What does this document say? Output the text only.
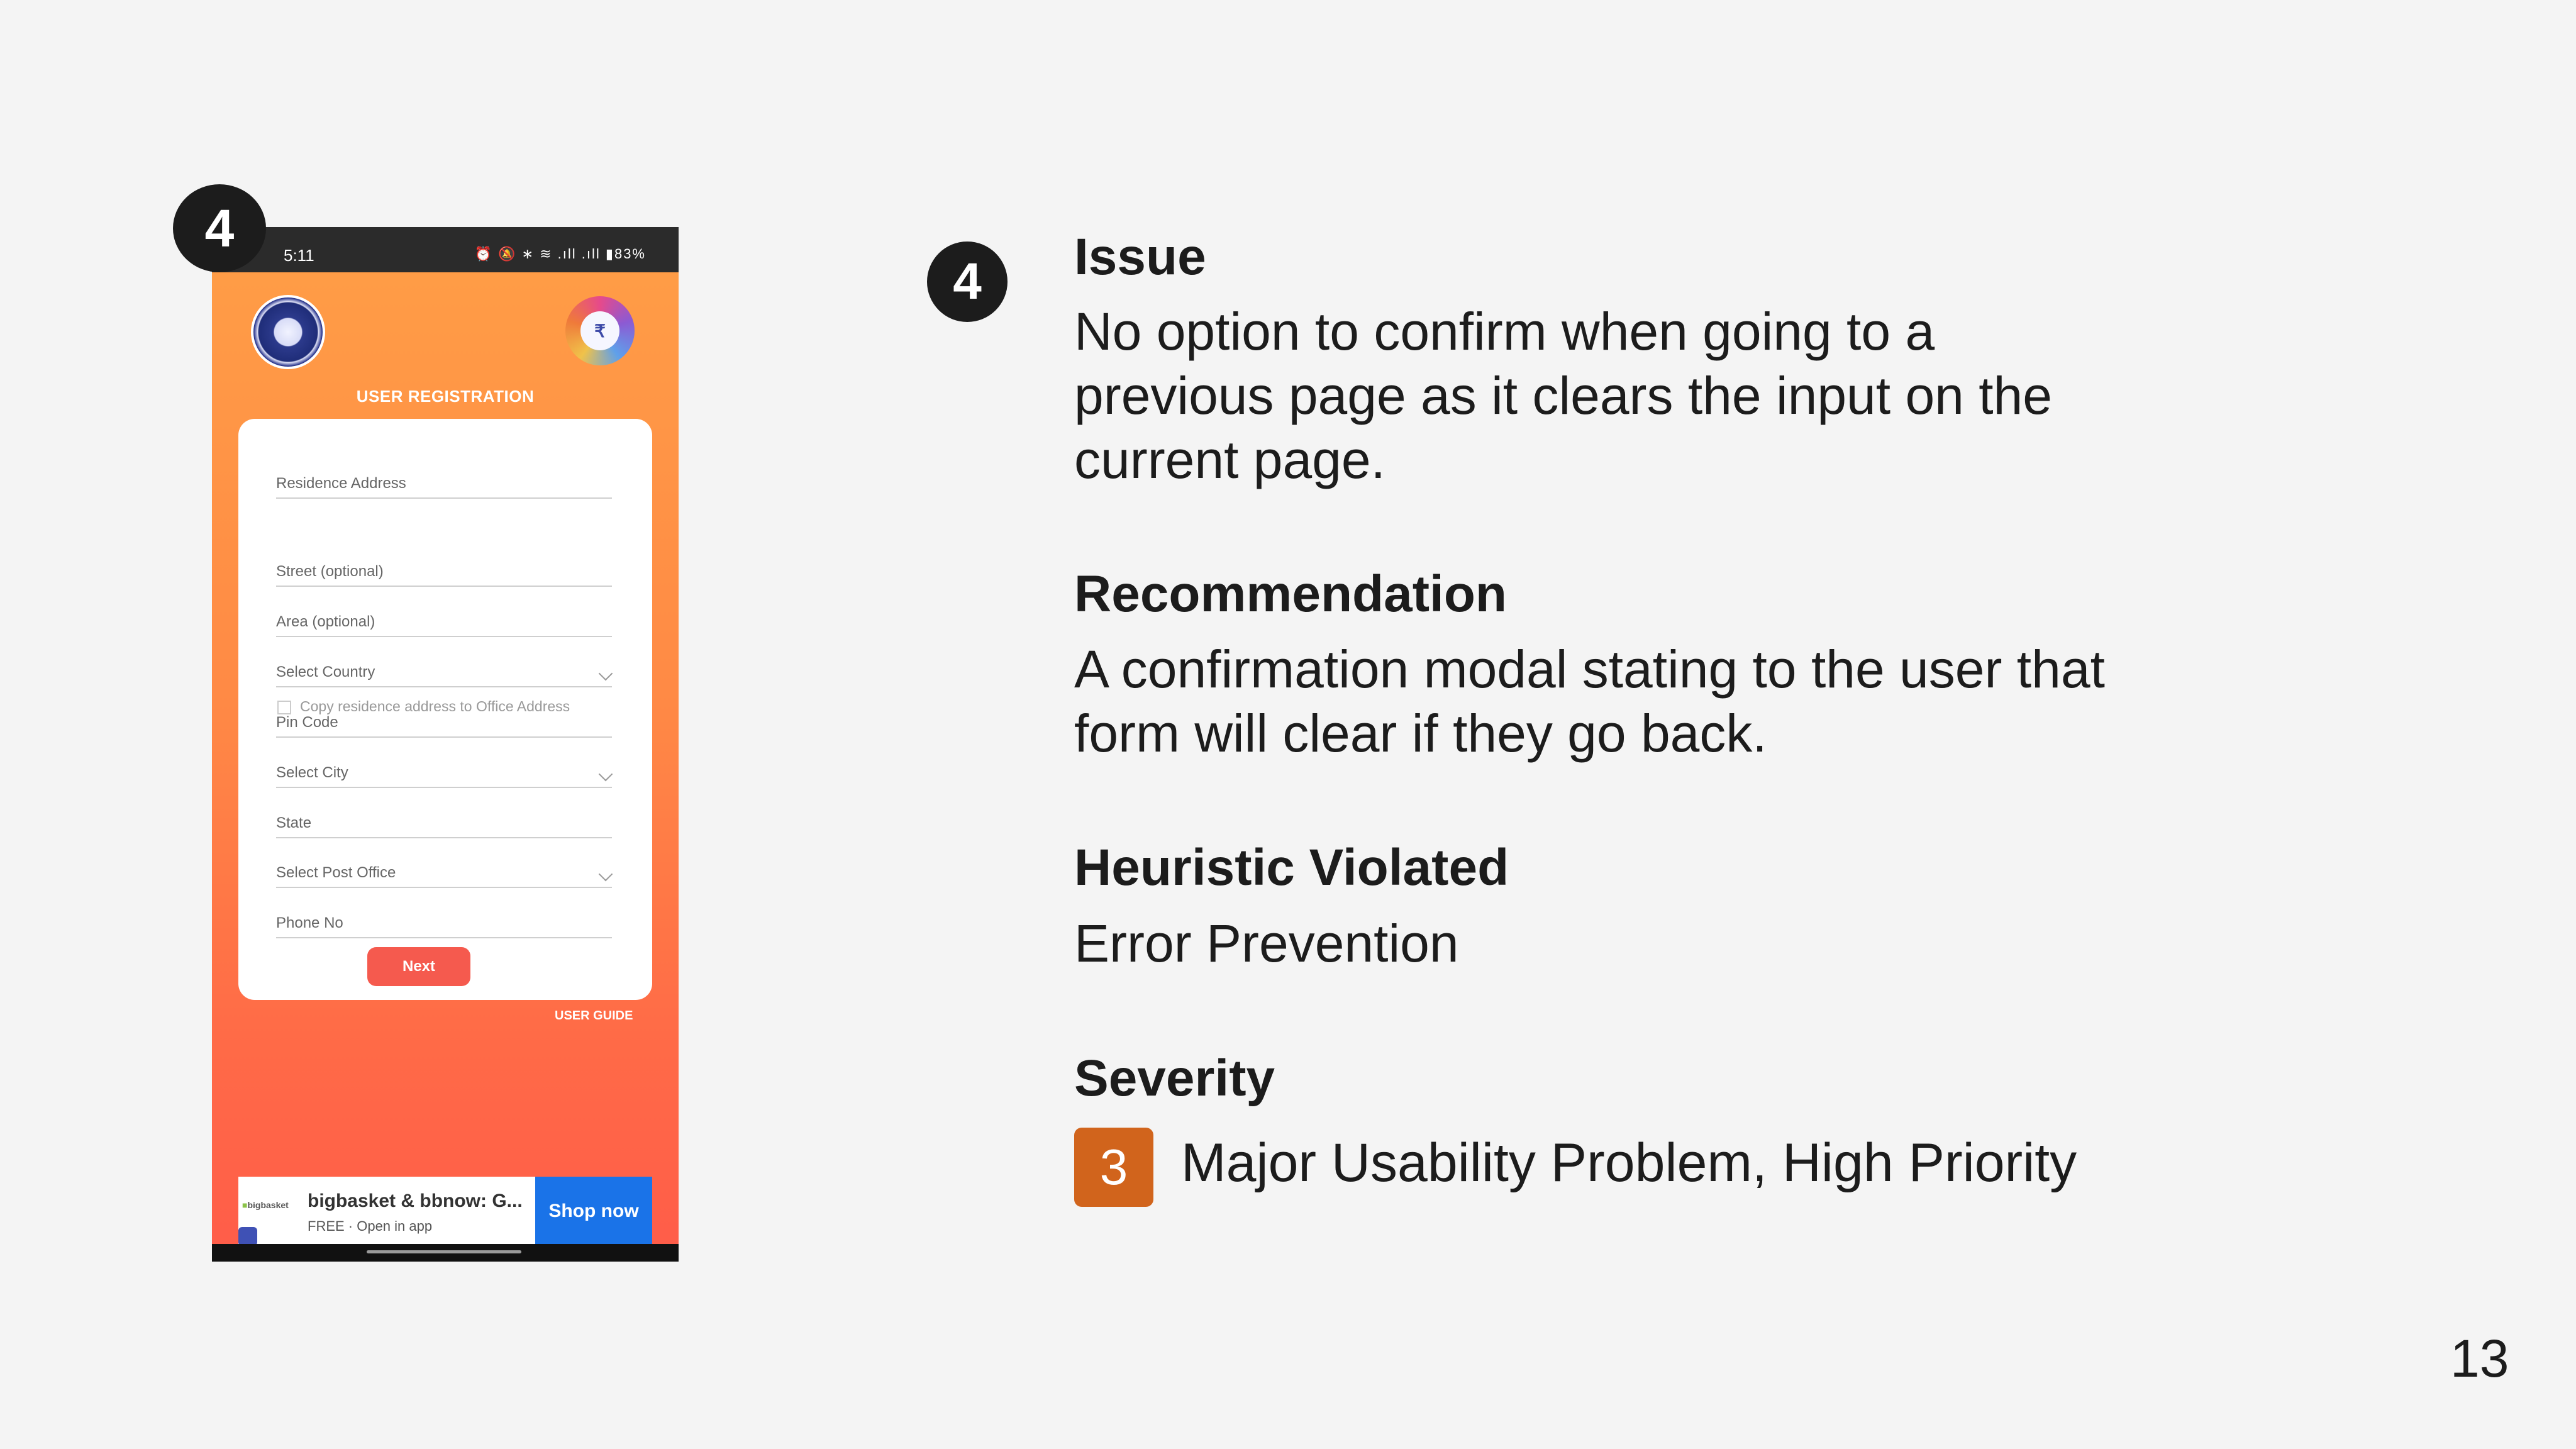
4	5:11	⏰ 🔕 ∗ ≋ .ıll .ıll ▮83%
₹
USER REGISTRATION
Residence Address
Copy residence address to Office Address
Street (optional)
Area (optional)
Select Country
Pin Code
Select City
State
Select Post Office
Phone No
Next
USER GUIDE
■bigbasket	bigbasket & bbnow: G...
FREE · Open in app
Shop now
4	Issue
No option to confirm when going to a previous page as it clears the input on the current page.
Recommendation
A confirmation modal stating to the user that form will clear if they go back.
Heuristic Violated
Error Prevention
Severity
3 Major Usability Problem, High Priority
13
